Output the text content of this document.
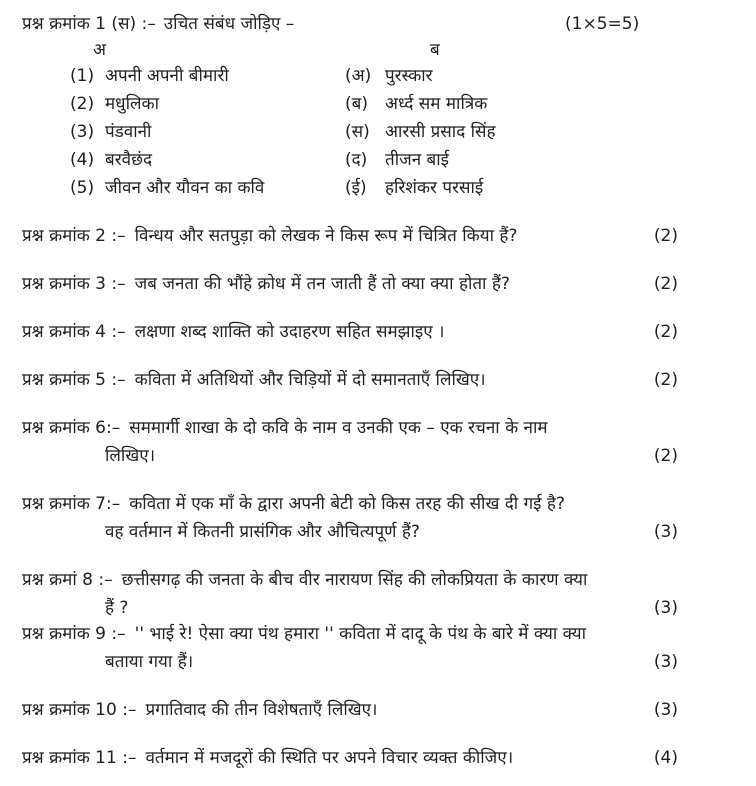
प्रश्न क्रमांक 1 (स) :– उचित संबंध जोड़िए –	(1×5=5)
अ	ब
(1) अपनी अपनी बीमारी	(अ) पुरस्कार
(2) मधुलिका	(ब)	अर्ध्द सम मात्रिक
(3) पंडवानी	(स) आरसी प्रसाद सिंह
(4) बरवैछंद	(द)	तीजन बाई
(5) जीवन और यौवन का कवि	(ई)	हरिशंकर परसाई

प्रश्न क्रमांक 2 :– विन्धय और सतपुड़ा को लेखक ने किस रूप में चित्रित किया हैं?	(2)

प्रश्न क्रमांक 3 :– जब जनता की भौंहे क्रोध में तन जाती हैं तो क्या क्या होता हैं?	(2)

प्रश्न क्रमांक 4 :– लक्षणा शब्द शाक्ति को उदाहरण सहित समझाइए ।	(2)

प्रश्न क्रमांक 5 :– कविता में अतिथियों और चिड़ियों में दो समानताएँ लिखिए।	(2)

प्रश्न क्रमांक 6:– सममार्गी शाखा के दो कवि के नाम व उनकी एक – एक रचना के नाम

लिखिए।	(2)

प्रश्न क्रमांक 7:– कविता में एक माँ के द्वारा अपनी बेटी को किस तरह की सीख दी गई है?

वह वर्तमान में कितनी प्रासंगिक और औचित्यपूर्ण हैं?	(3)

प्रश्न क्रमां 8 :– छत्तीसगढ़ की जनता के बीच वीर नारायण सिंह की लोकप्रियता के कारण क्या

हैं ?	(3)

प्रश्न क्रमांक 9 :– '' भाई रे! ऐसा क्या पंथ हमारा '' कविता में दादू के पंथ के बारे में क्या क्या

बताया गया हैं।	(3)

प्रश्न क्रमांक 10 :– प्रगातिवाद की तीन विशेषताएँ लिखिए।	(3)

प्रश्न क्रमांक 11 :– वर्तमान में मजदूरों की स्थिति पर अपने विचार व्यक्त कीजिए।	(4)
